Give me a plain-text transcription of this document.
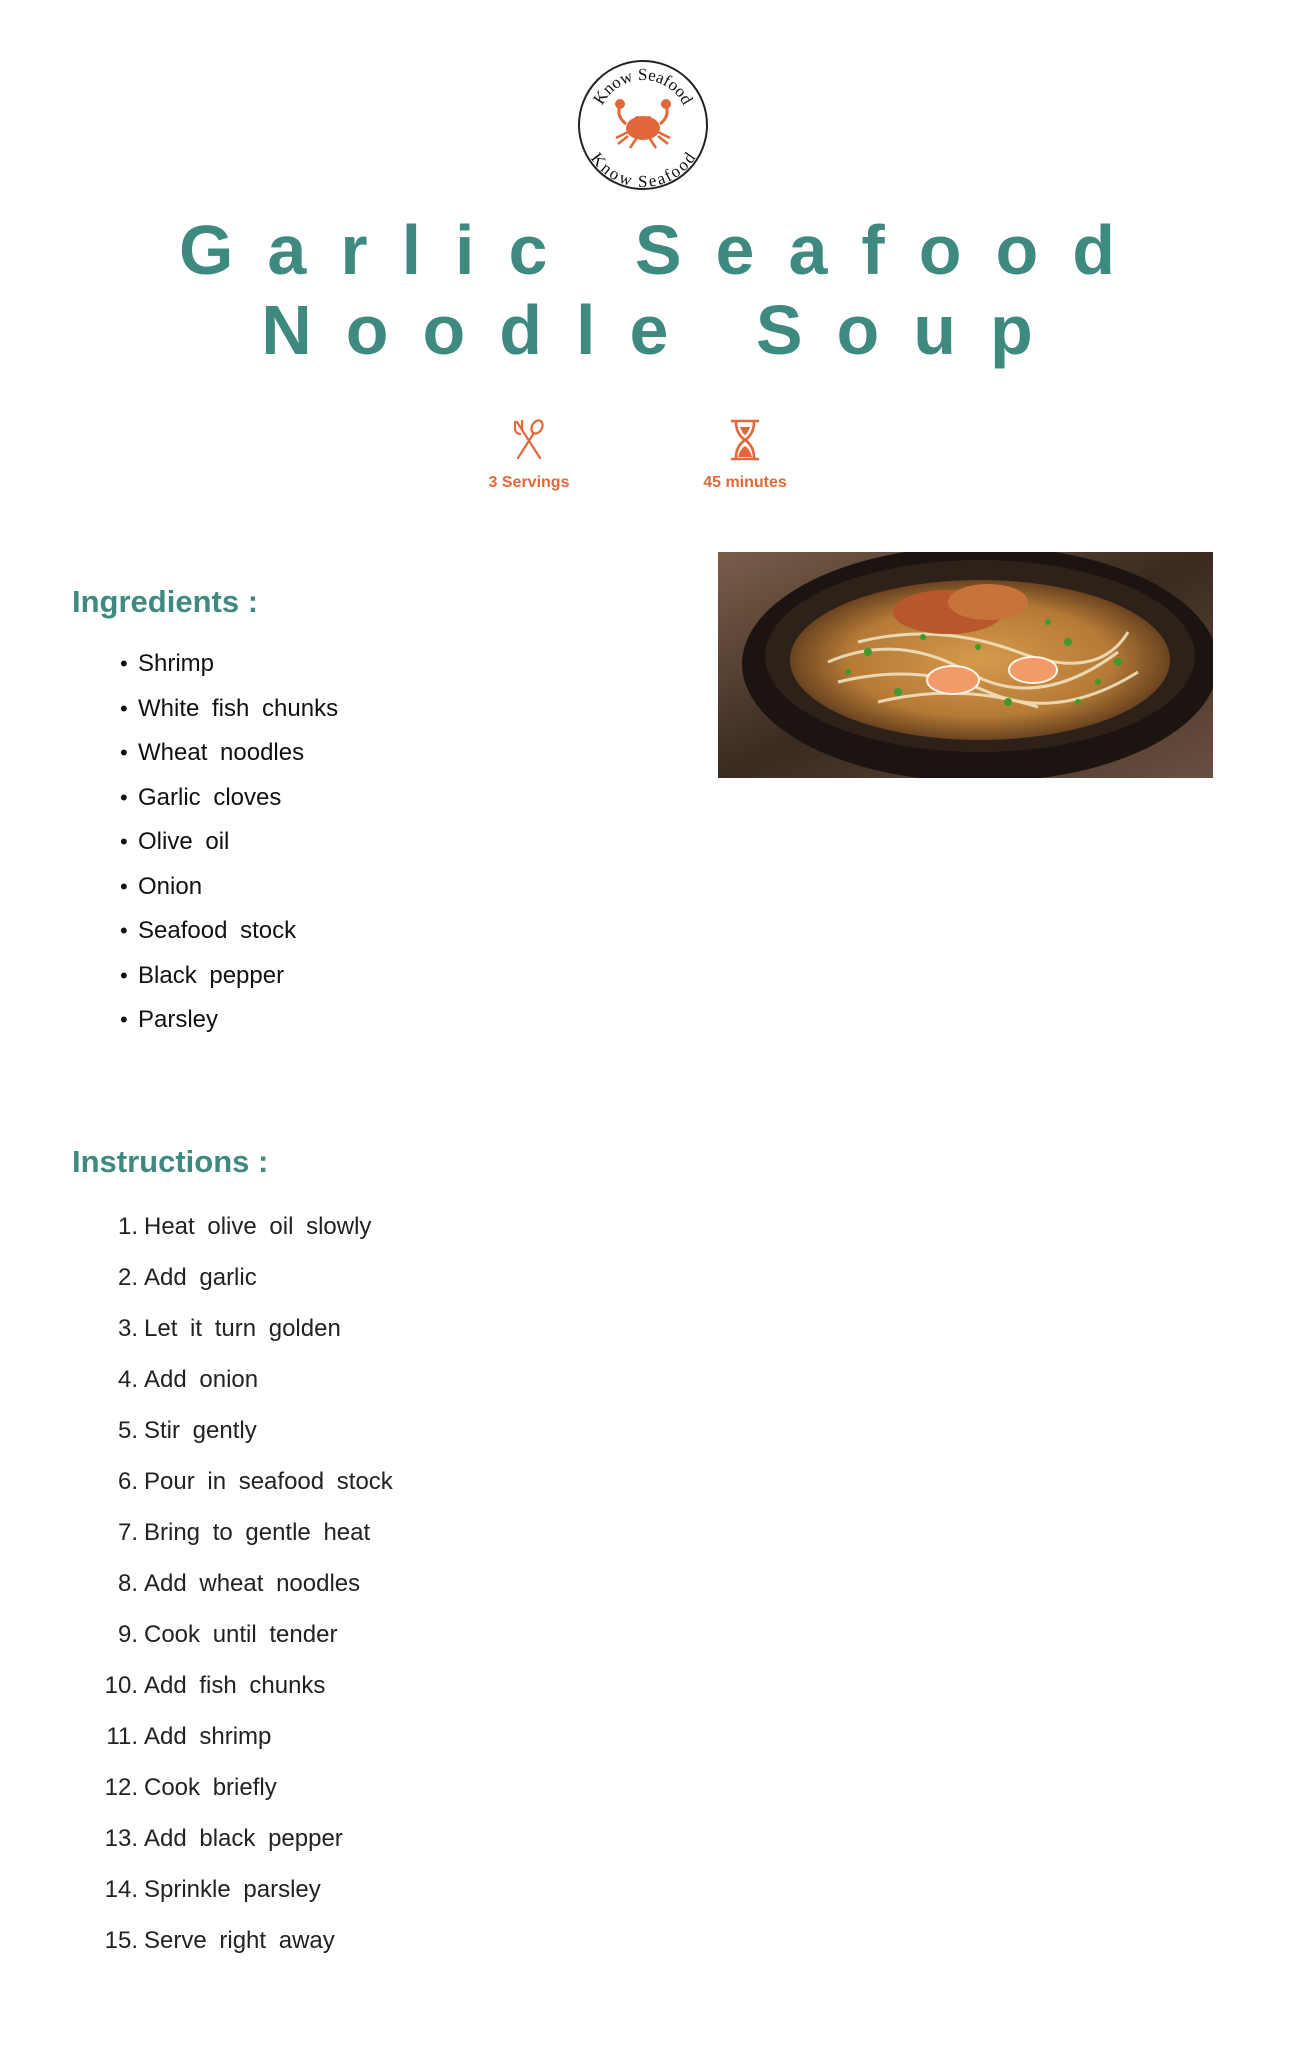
Know Seafood
Know Seafood
Garlic Seafood
Noodle Soup
3 Servings	45 minutes
Ingredients :
• Shrimp
• White fish chunks
• Wheat noodles
• Garlic cloves
• Olive oil
• Onion
• Seafood stock
• Black pepper
• Parsley
Instructions :
1. Heat olive oil slowly
2. Add garlic
3. Let it turn golden
4. Add onion
5. Stir gently
6. Pour in seafood stock
7. Bring to gentle heat
8. Add wheat noodles
9. Cook until tender
10. Add fish chunks
11. Add shrimp
12. Cook briefly
13. Add black pepper
14. Sprinkle parsley
15. Serve right away
